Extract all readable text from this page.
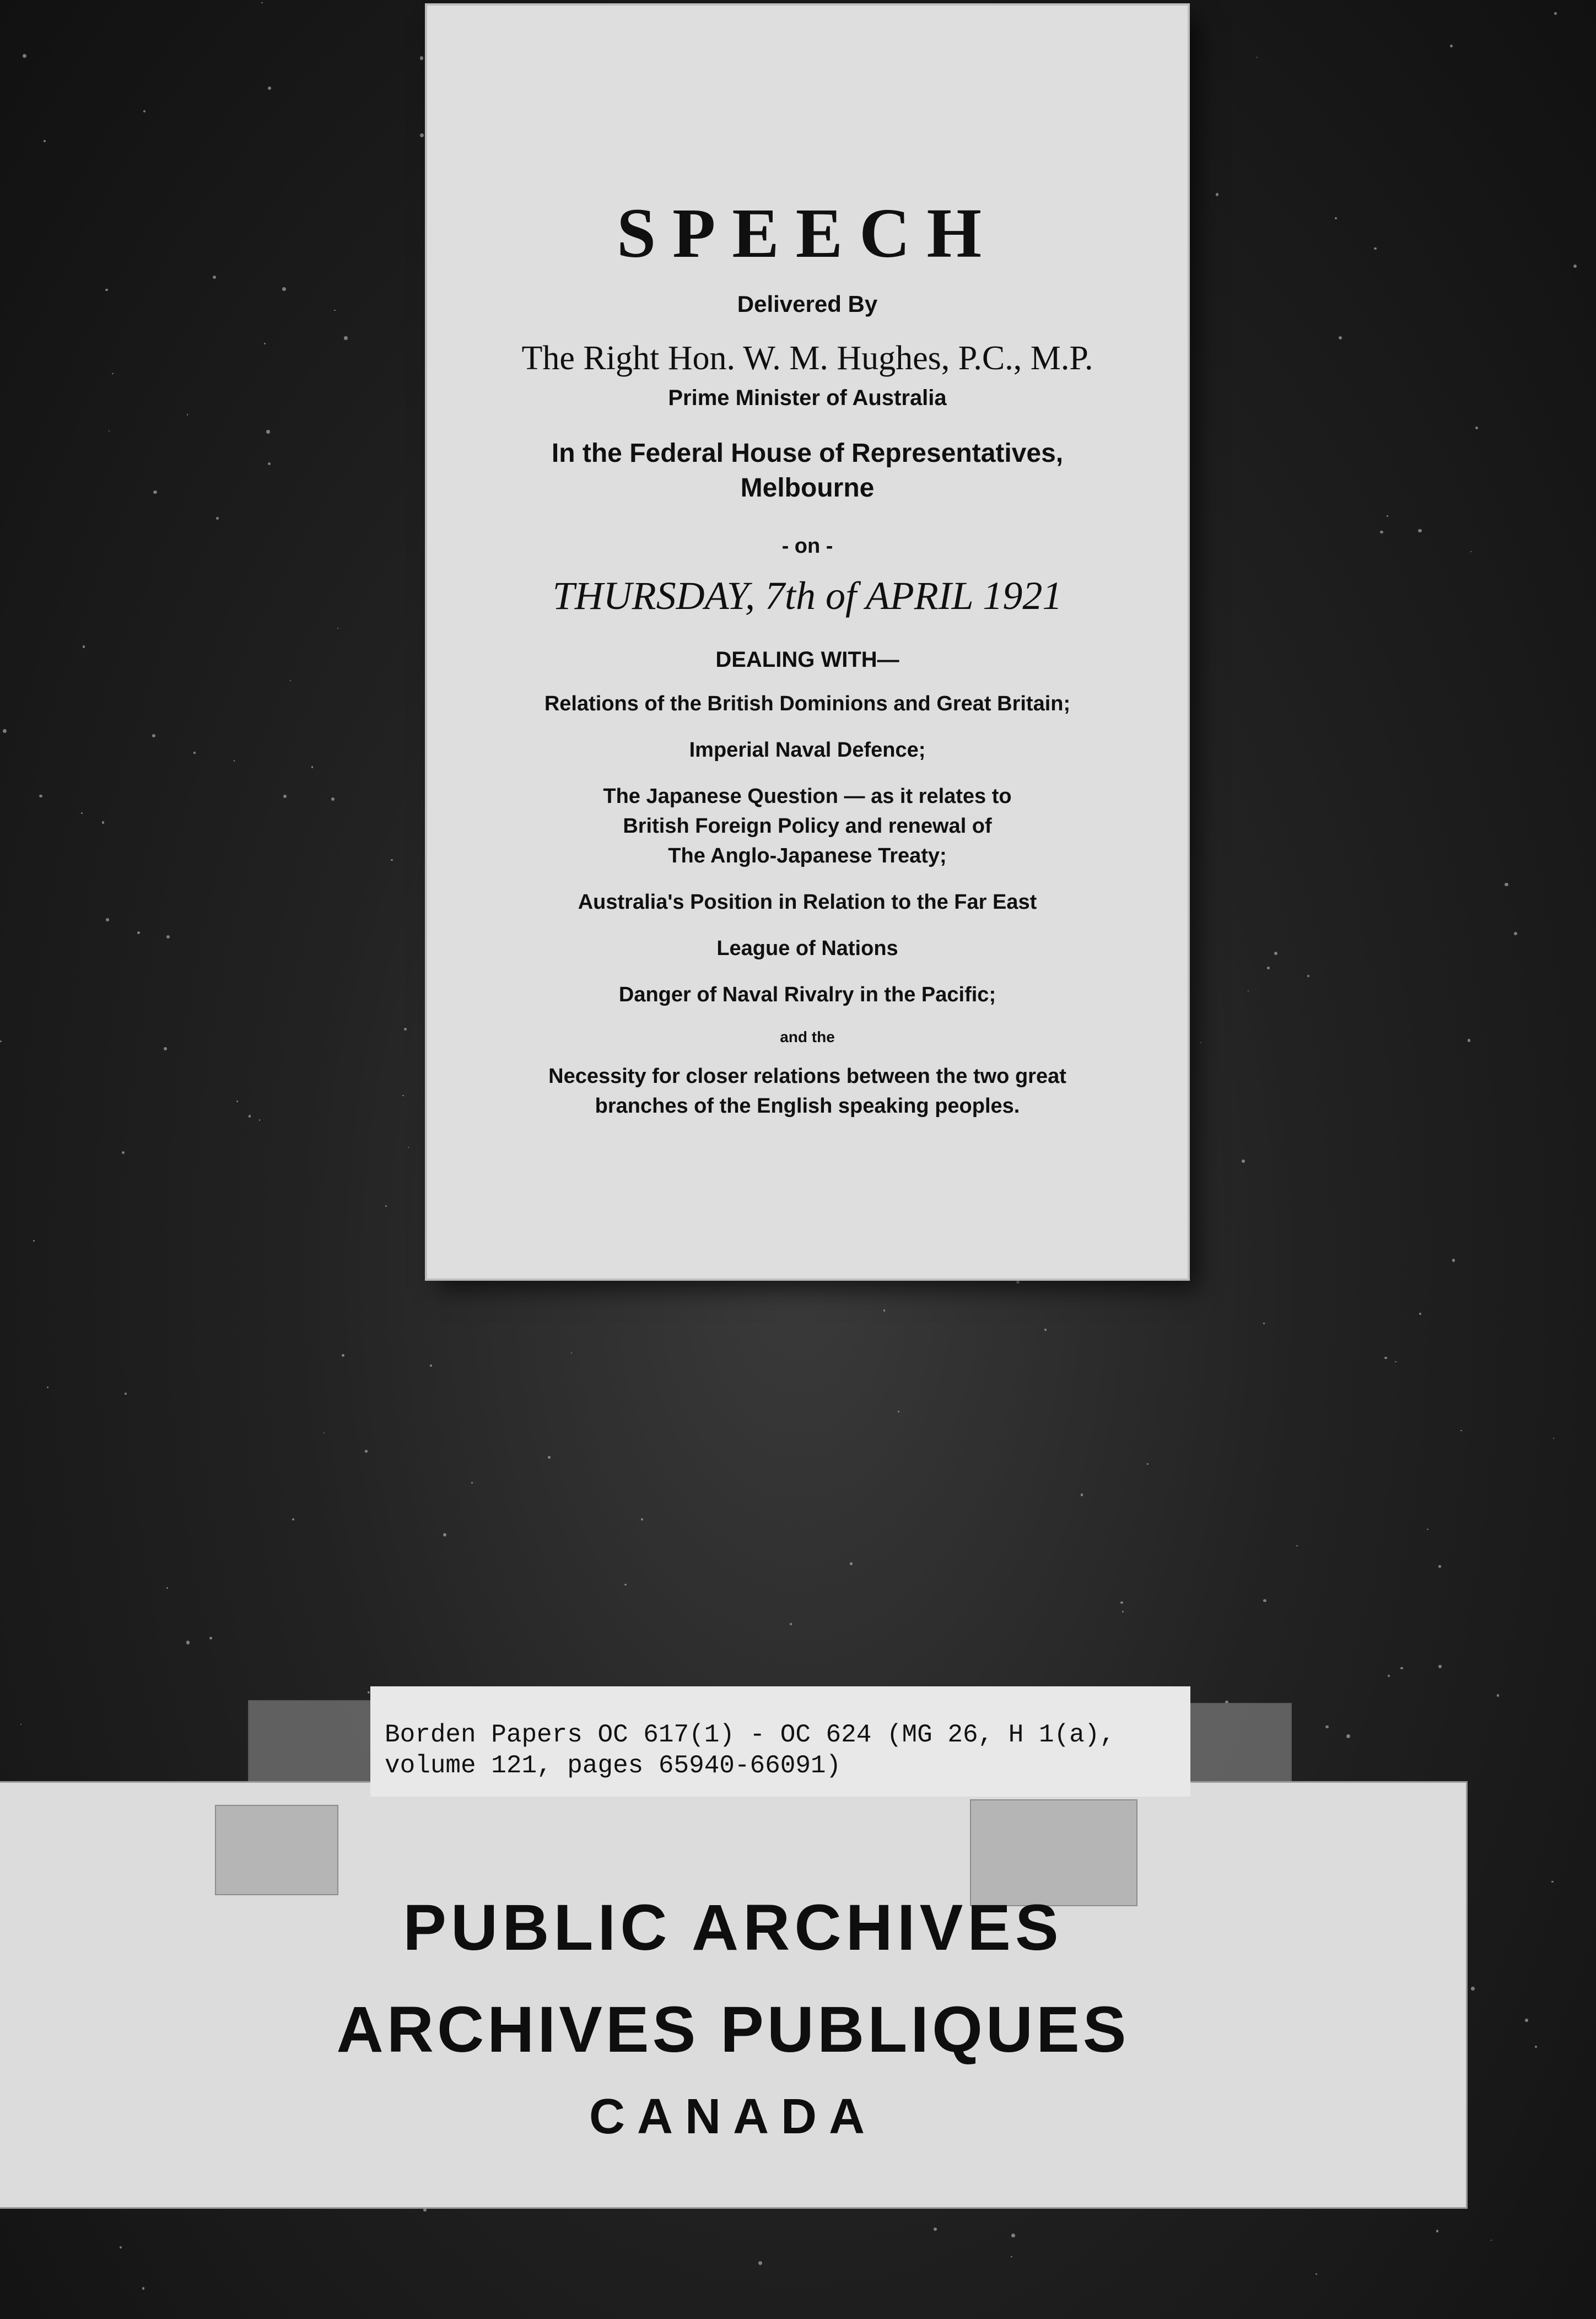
SPEECH

Delivered By

The Right Hon. W. M. Hughes, P.C., M.P.

Prime Minister of Australia

In the Federal House of Representatives,

Melbourne

- on -

THURSDAY, 7th of APRIL 1921

DEALING WITH—

Relations of the British Dominions and Great Britain;
Imperial Naval Defence;
The Japanese Question — as it relates to
British Foreign Policy and renewal of
The Anglo-Japanese Treaty;
Australia's Position in Relation to the Far East
League of Nations
Danger of Naval Rivalry in the Pacific;
and the
Necessity for closer relations between the two great
branches of the English speaking peoples.

PUBLIC ARCHIVES

ARCHIVES PUBLIQUES

CANADA

Borden Papers OC 617(1) - OC 624 (MG 26, H 1(a),
volume 121, pages 65940-66091)
